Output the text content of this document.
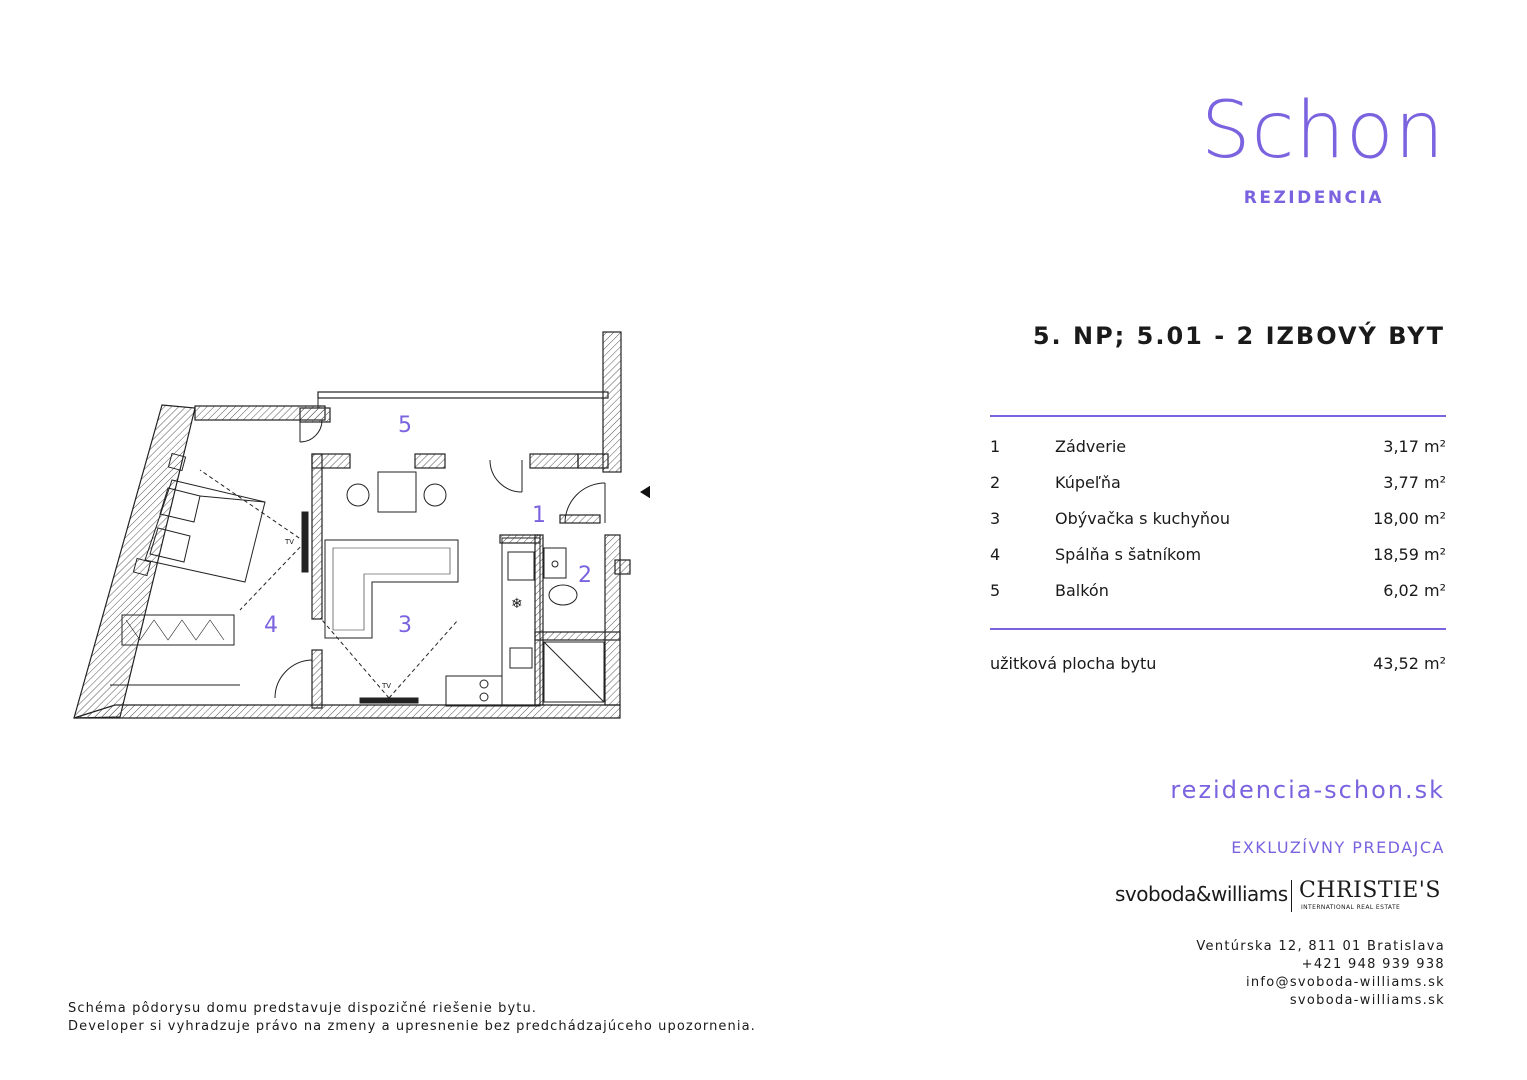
Schon
REZIDENCIA
5. NP; 5.01 - 2 IZBOVÝ BYT
1	Zádverie	3,17 m²
2	Kúpeľňa	3,77 m²
3	Obývačka s kuchyňou	18,00 m²
4	Spálňa s šatníkom	18,59 m²
5	Balkón	6,02 m²
užitková plocha bytu	43,52 m²
rezidencia-schon.sk
EXKLUZÍVNY PREDAJCA
svoboda&williams CHRISTIE'S
INTERNATIONAL REAL ESTATE
Ventúrska 12, 811 01 Bratislava
+421 948 939 938
info@svoboda-williams.sk
svoboda-williams.sk
Schéma pôdorysu domu predstavuje dispozičné riešenie bytu.
Developer si vyhradzuje právo na zmeny a upresnenie bez predchádzajúceho upozornenia.
TV
❄
TV
1
2
3
4
5
